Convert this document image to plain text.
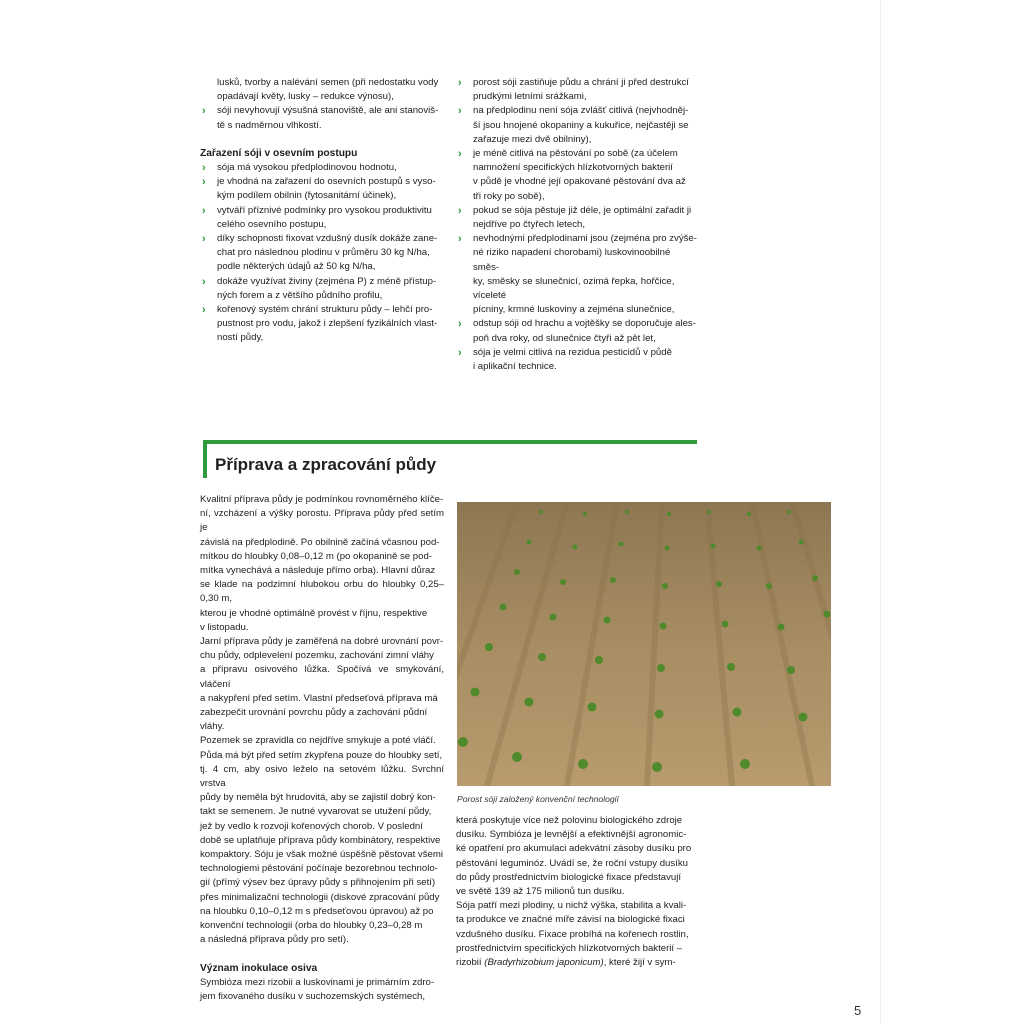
lusků, tvorby a nalévání semen (při nedostatku vody

opadávají květy, lusky – redukce výnosu),

› sóji nevyhovují výsušná stanoviště, ale ani stanoviš-

tě s nadměrnou vlhkostí.

Zařazení sóji v osevním postupu

› sója má vysokou předplodinovou hodnotu,

› je vhodná na zařazení do osevních postupů s vyso-

kým podílem obilnin (fytosanitární účinek),

› vytváří příznivé podmínky pro vysokou produktivitu

celého osevního postupu,

› díky schopnosti fixovat vzdušný dusík dokáže zane-

chat pro následnou plodinu v průměru 30 kg N/ha,

podle některých údajů až 50 kg N/ha,

› dokáže využívat živiny (zejména P) z méně přístup-

ných forem a z většího půdního profilu,

› kořenový systém chrání strukturu půdy – lehčí pro-

pustnost pro vodu, jakož i zlepšení fyzikálních vlast-

ností půdy,

› porost sóji zastiňuje půdu a chrání ji před destrukcí

prudkými letními srážkami,

› na předplodinu není sója zvlášť citlivá (nejvhodněj-

ší jsou hnojené okopaniny a kukuřice, nejčastěji se

zařazuje mezi dvě obilniny),

› je méně citlivá na pěstování po sobě (za účelem

namnožení specifických hlízkotvorných bakterií

v půdě je vhodné její opakované pěstování dva až

tři roky po sobě),

› pokud se sója pěstuje již déle, je optimální zařadit ji

nejdříve po čtyřech letech,

› nevhodnými předplodinami jsou (zejména pro zvýše-

né riziko napadení chorobami) luskovinoobilné směs-

ky, směsky se slunečnicí, ozimá řepka, hořčice, víceleté

pícniny, krmné luskoviny a zejména slunečnice,

› odstup sóji od hrachu a vojtěšky se doporučuje ales-

poň dva roky, od slunečnice čtyři až pět let,

› sója je velmi citlivá na rezidua pesticidů v půdě

i aplikační technice.

Příprava a zpracování půdy

Kvalitní příprava půdy je podmínkou rovnoměrného klíče-

ní, vzcházení a výšky porostu. Příprava půdy před setím je

závislá na předplodině. Po obilnině začíná včasnou pod-

mítkou do hloubky 0,08–0,12 m (po okopanině se pod-

mítka vynechává a následuje přímo orba). Hlavní důraz

se klade na podzimní hlubokou orbu do hloubky 0,25–0,30 m,

kterou je vhodné optimálně provést v říjnu, respektive

v listopadu.

Jarní příprava půdy je zaměřená na dobré urovnání povr-

chu půdy, odplevelení pozemku, zachování zimní vláhy

a přípravu osivového lůžka. Spočívá ve smykování, vláčení

a nakypření před setím. Vlastní předseťová příprava má

zabezpečit urovnání povrchu půdy a zachování půdní

vláhy.

Pozemek se zpravidla co nejdříve smykuje a poté vláčí.

Půda má být před setím zkypřena pouze do hloubky setí,

tj. 4 cm, aby osivo leželo na setovém lůžku. Svrchní vrstva

půdy by neměla být hrudovitá, aby se zajistil dobrý kon-

takt se semenem. Je nutné vyvarovat se utužení půdy,

jež by vedlo k rozvoji kořenových chorob. V poslední

době se uplatňuje příprava půdy kombinátory, respektive

kompaktory. Sóju je však možné úspěšně pěstovat všemi

technologiemi pěstování počínaje bezorebnou technolo-

gií (přímý výsev bez úpravy půdy s přihnojením při setí)

přes minimalizační technologii (diskové zpracování půdy

na hloubku 0,10–0,12 m s předseťovou úpravou) až po

konvenční technologii (orba do hloubky 0,23–0,28 m

a následná příprava půdy pro setí).

Význam inokulace osiva

Symbióza mezi rizobii a luskovinami je primárním zdro-

jem fixovaného dusíku v suchozemských systémech,

Porost sóji založený konvenční technologií

která poskytuje více než polovinu biologického zdroje

dusíku. Symbióza je levnější a efektivnější agronomic-

ké opatření pro akumulaci adekvátní zásoby dusíku pro

pěstování leguminóz. Uvádí se, že roční vstupy dusíku

do půdy prostřednictvím biologické fixace představují

ve světě 139 až 175 milionů tun dusíku.

Sója patří mezi plodiny, u nichž výška, stabilita a kvali-

ta produkce ve značné míře závisí na biologické fixaci

vzdušného dusíku. Fixace probíhá na kořenech rostlin,

prostřednictvím specifických hlízkotvorných bakterií –

rizobií (Bradyrhizobium japonicum), které žijí v sym-

5
